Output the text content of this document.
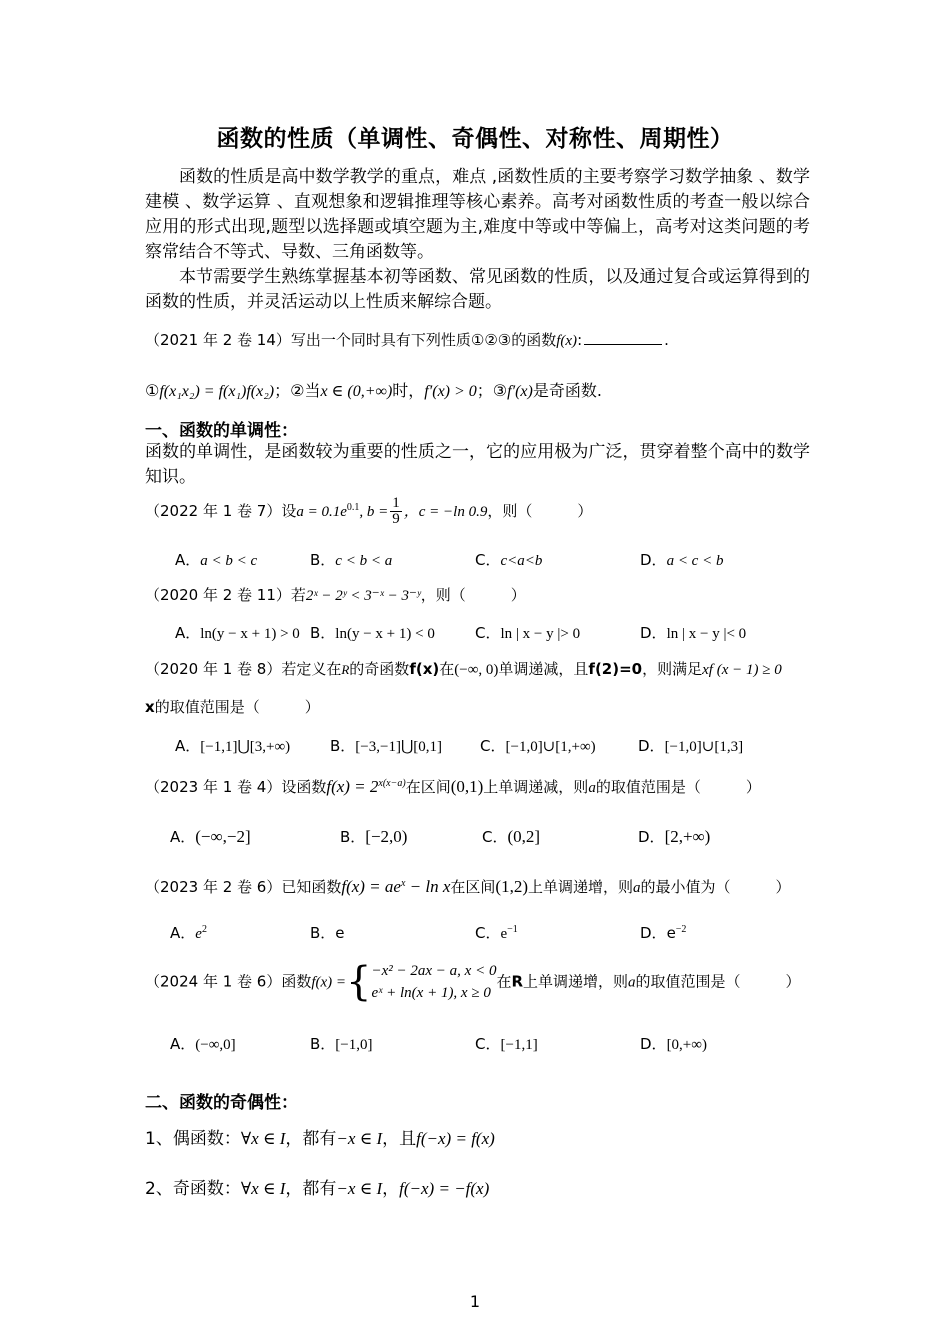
函数的性质（单调性、奇偶性、对称性、周期性）
函数的性质是高中数学教学的重点，难点 ,函数性质的主要考察学习数学抽象 、数学建模 、数学运算 、直观想象和逻辑推理等核心素养。高考对函数性质的考查一般以综合应用的形式出现,题型以选择题或填空题为主,难度中等或中等偏上，高考对这类问题的考察常结合不等式、导数、三角函数等。
本节需要学生熟练掌握基本初等函数、常见函数的性质，以及通过复合或运算得到的函数的性质，并灵活运动以上性质来解综合题。
（2021 年 2 卷 14）写出一个同时具有下列性质①②③的函数f(x):	.
①f(x₁x₂) = f(x₁)f(x₂)；②当x ∈ (0,+∞)时，f′(x) > 0；③f′(x)是奇函数.
一、函数的单调性：
函数的单调性，是函数较为重要的性质之一，它的应用极为广泛，贯穿着整个高中的数学知识。
（2022 年 1 卷 7）设$a = 0.1e^{0.1}$, $b = \frac{1}{9}$ ，c = −ln 0.9，则（　　　）
A．a < b < c	B．c < b < a	C．c<a<b	D．a < c < b
（2020 年 2 卷 11）若2ˣ − 2ʸ < 3⁻ˣ − 3⁻ʸ，则（　　　）
A．ln(y − x + 1) > 0 B．ln(y − x + 1) < 0	C．ln | x − y |> 0	D．ln | x − y |< 0
（2020 年 1 卷 8）若定义在R的奇函数f(x)在(−∞, 0)单调递减，且f(2)=0，则满足xf (x − 1) ≥ 0
x的取值范围是（　　　）
A．[−1,1]⋃[3,+∞)	B．[−3,−1]⋃[0,1]	C．[−1,0]∪[1,+∞)	D．[−1,0]∪[1,3]
（2023 年 1 卷 4）设函数$f(x) = 2^{x(x-a)}$在区间(0,1)上单调递减，则a的取值范围是（　　　）
A．(−∞,−2]	B．[−2,0)	C．(0,2]	D．[2,+∞)
（2023 年 2 卷 6）已知函数$f(x) = ae^x - \ln x$在区间(1,2)上单调递增，则a的最小值为（　　　）
A．$e^2$	B．e	C．$e^{-1}$	D．$e^{-2}$
（2024 年 1 卷 6）函数f(x) ={ −x² − 2ax − a, x < 0
eˣ + ln(x + 1), x ≥ 0
在R上单调递增，则a的取值范围是（　　　）
A．(−∞,0]	B．[−1,0]	C．[−1,1]	D．[0,+∞)
二、函数的奇偶性：
1、偶函数：∀x ∈ I，都有−x ∈ I，且f(−x) = f(x)
2、奇函数：∀x ∈ I，都有−x ∈ I，f(−x) = −f(x)
1
